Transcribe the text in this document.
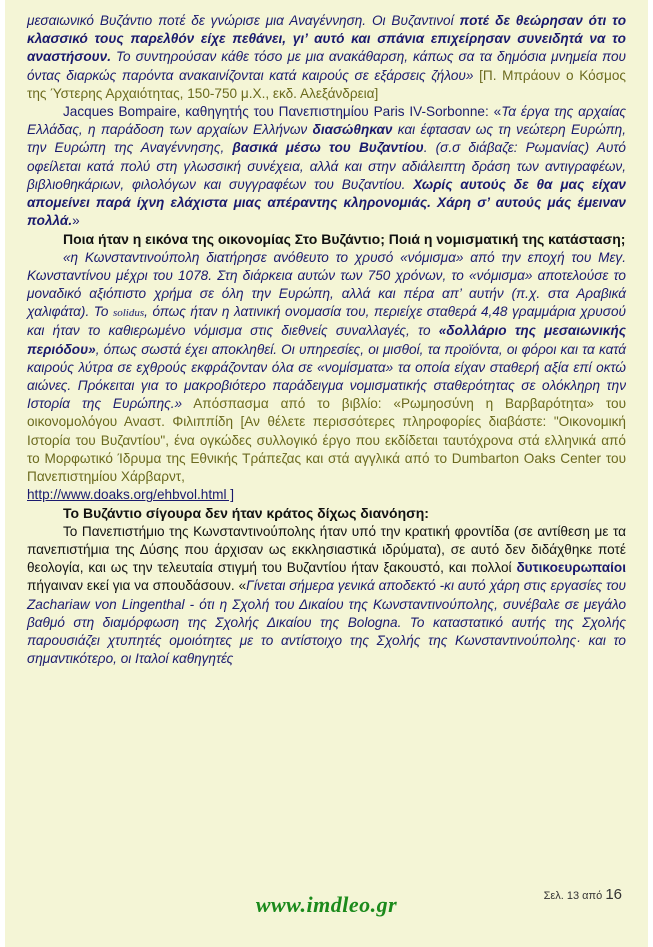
μεσαιωνικό Βυζάντιο ποτέ δε γνώρισε μια Αναγέννηση. Οι Βυζαντινοί ποτέ δε θεώρησαν ότι το κλασσικό τους παρελθόν είχε πεθάνει, γι’ αυτό και σπάνια επιχείρησαν συνειδητά να το αναστήσουν. Το συντηρούσαν κάθε τόσο με μια ανακάθαρση, κάπως σα τα δημόσια μνημεία που όντας διαρκώς παρόντα ανακαινίζονται κατά καιρούς σε εξάρσεις ζήλου» [Π. Μπράουν ο Κόσμος της Ύστερης Αρχαιότητας, 150-750 μ.Χ., εκδ. Αλεξάνδρεια]

Jacques Bompaire, καθηγητής του Πανεπιστημίου Paris IV-Sorbonne: «Τα έργα της αρχαίας Ελλάδας, η παράδοση των αρχαίων Ελλήνων διασώθηκαν και έφτασαν ως τη νεώτερη Ευρώπη, την Ευρώπη της Αναγέννησης, βασικά μέσω του Βυζαντίου. (σ.σ διάβαζε: Ρωμανίας) Αυτό οφείλεται κατά πολύ στη γλωσσική συνέχεια, αλλά και στην αδιάλειπτη δράση των αντιγραφέων, βιβλιοθηκάριων, φιλολόγων και συγγραφέων του Βυζαντίου. Χωρίς αυτούς δε θα μας είχαν απομείνει παρά ίχνη ελάχιστα μιας απέραντης κληρονομιάς. Χάρη σ’ αυτούς μάς έμειναν πολλά.»

Ποια ήταν η εικόνα της οικονομίας Στο Βυζάντιο; Ποιά η νομισματική της κατάσταση;

«η Κωνσταντινούπολη διατήρησε ανόθευτο το χρυσό «νόμισμα» από την εποχή του Μεγ. Κωνσταντίνου μέχρι του 1078. Στη διάρκεια αυτών των 750 χρόνων, το «νόμισμα» αποτελούσε το μοναδικό αξιόπιστο χρήμα σε όλη την Ευρώπη, αλλά και πέρα απ’ αυτήν (π.χ. στα Αραβικά χαλιφάτα). Το solidus, όπως ήταν η λατινική ονομασία του, περιείχε σταθερά 4,48 γραμμάρια χρυσού και ήταν το καθιερωμένο νόμισμα στις διεθνείς συναλλαγές, το «δολλάριο της μεσαιωνικής περιόδου», όπως σωστά έχει αποκληθεί. Οι υπηρεσίες, οι μισθοί, τα προϊόντα, οι φόροι και τα κατά καιρούς λύτρα σε εχθρούς εκφράζονταν όλα σε «νομίσματα» τα οποία είχαν σταθερή αξία επί οκτώ αιώνες. Πρόκειται για το μακροβιότερο παράδειγμα νομισματικής σταθερότητας σε ολόκληρη την Ιστορία της Ευρώπης.» Απόσπασμα από το βιβλίο: «Ρωμηοσύνη η Βαρβαρότητα» του οικονομολόγου Αναστ. Φιλιππίδη [Αν θέλετε περισσότερες πληροφορίες διαβάστε: "Οικονομική Ιστορία του Βυζαντίου", ένα ογκώδες συλλογικό έργο που εκδίδεται ταυτόχρονα στά ελληνικά από το Μορφωτικό Ίδρυμα της Εθνικής Τράπεζας και στά αγγλικά από το Dumbarton Oaks Center του Πανεπιστημίου Χάρβαρντ,
http://www.doaks.org/ehbvol.html ]

Το Βυζάντιο σίγουρα δεν ήταν κράτος δίχως διανόηση:

Το Πανεπιστήμιο της Κωνσταντινούπολης ήταν υπό την κρατική φροντίδα (σε αντίθεση με τα πανεπιστήμια της Δύσης που άρχισαν ως εκκλησιαστικά ιδρύματα), σε αυτό δεν διδάχθηκε ποτέ θεολογία, και ως την τελευταία στιγμή του Βυζαντίου ήταν ξακουστό, και πολλοί δυτικοευρωπαίοι πήγαιναν εκεί για να σπουδάσουν. «Γίνεται σήμερα γενικά αποδεκτό -κι αυτό χάρη στις εργασίες του Zachariaw von Lingenthal - ότι η Σχολή του Δικαίου της Κωνσταντινούπολης, συνέβαλε σε μεγάλο βαθμό στη διαμόρφωση της Σχολής Δικαίου της Bologna. Το καταστατικό αυτής της Σχολής παρουσιάζει χτυπητές ομοιότητες με το αντίστοιχο της Σχολής της Κωνσταντινούπολης· και το σημαντικότερο, οι Ιταλοί καθηγητές

www.imdleo.gr	Σελ. 13 από 16
